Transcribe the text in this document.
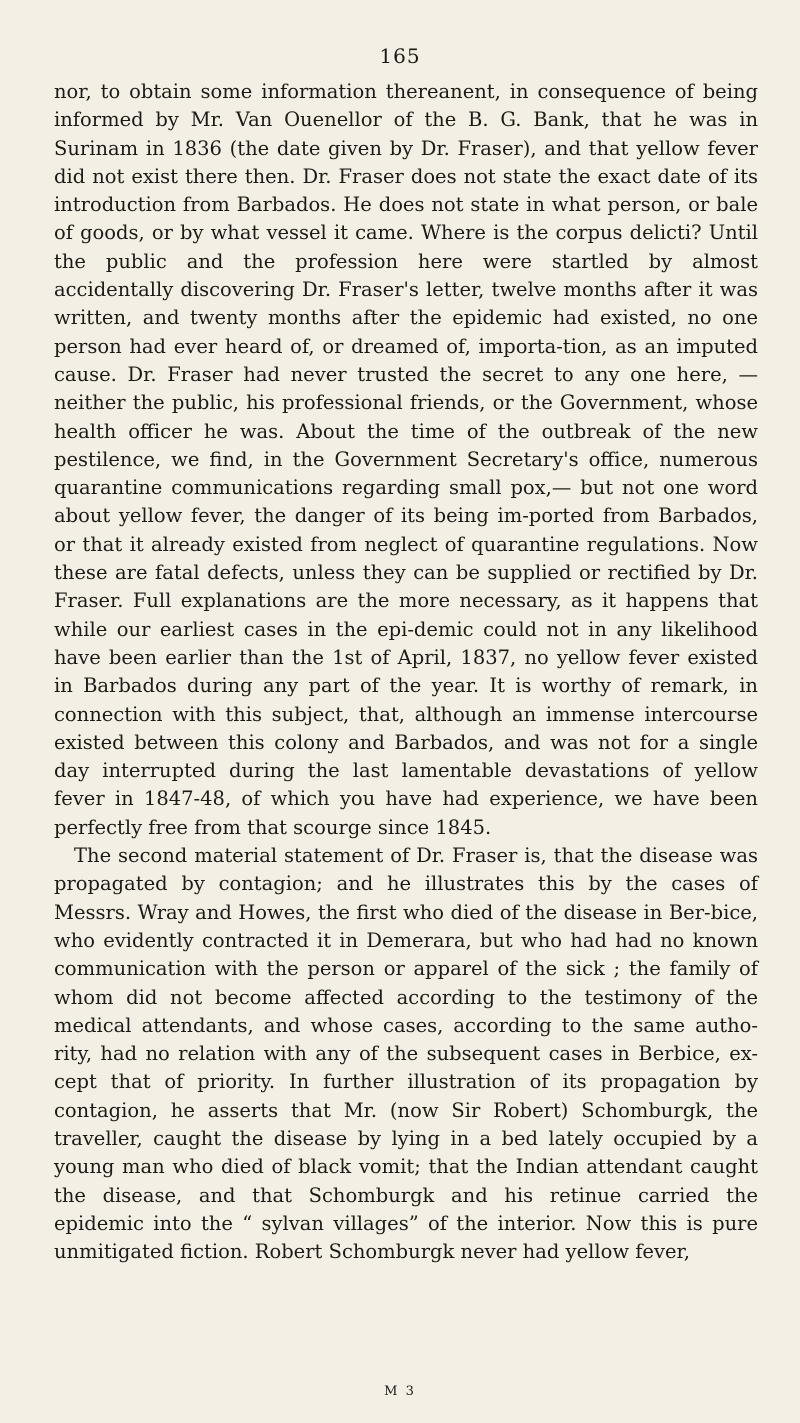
165

nor, to obtain some information thereanent, in consequence of being informed by Mr. Van Ouenellor of the B. G. Bank, that he was in Surinam in 1836 (the date given by Dr. Fraser), and that yellow fever did not exist there then. Dr. Fraser does not state the exact date of its introduction from Barbados. He does not state in what person, or bale of goods, or by what vessel it came. Where is the corpus delicti? Until the public and the profession here were startled by almost accidentally discovering Dr. Fraser's letter, twelve months after it was written, and twenty months after the epidemic had existed, no one person had ever heard of, or dreamed of, importa-tion, as an imputed cause. Dr. Fraser had never trusted the secret to any one here, — neither the public, his professional friends, or the Government, whose health officer he was. About the time of the outbreak of the new pestilence, we find, in the Government Secretary's office, numerous quarantine communications regarding small pox,— but not one word about yellow fever, the danger of its being im-ported from Barbados, or that it already existed from neglect of quarantine regulations. Now these are fatal defects, unless they can be supplied or rectified by Dr. Fraser. Full explanations are the more necessary, as it happens that while our earliest cases in the epi-demic could not in any likelihood have been earlier than the 1st of April, 1837, no yellow fever existed in Barbados during any part of the year. It is worthy of remark, in connection with this subject, that, although an immense intercourse existed between this colony and Barbados, and was not for a single day interrupted during the last lamentable devastations of yellow fever in 1847-48, of which you have had experience, we have been perfectly free from that scourge since 1845.

The second material statement of Dr. Fraser is, that the disease was propagated by contagion; and he illustrates this by the cases of Messrs. Wray and Howes, the first who died of the disease in Ber-bice, who evidently contracted it in Demerara, but who had had no known communication with the person or apparel of the sick ; the family of whom did not become affected according to the testimony of the medical attendants, and whose cases, according to the same autho-rity, had no relation with any of the subsequent cases in Berbice, ex-cept that of priority. In further illustration of its propagation by contagion, he asserts that Mr. (now Sir Robert) Schomburgk, the traveller, caught the disease by lying in a bed lately occupied by a young man who died of black vomit; that the Indian attendant caught the disease, and that Schomburgk and his retinue carried the epidemic into the “ sylvan villages” of the interior. Now this is pure unmitigated fiction. Robert Schomburgk never had yellow fever,

M 3
